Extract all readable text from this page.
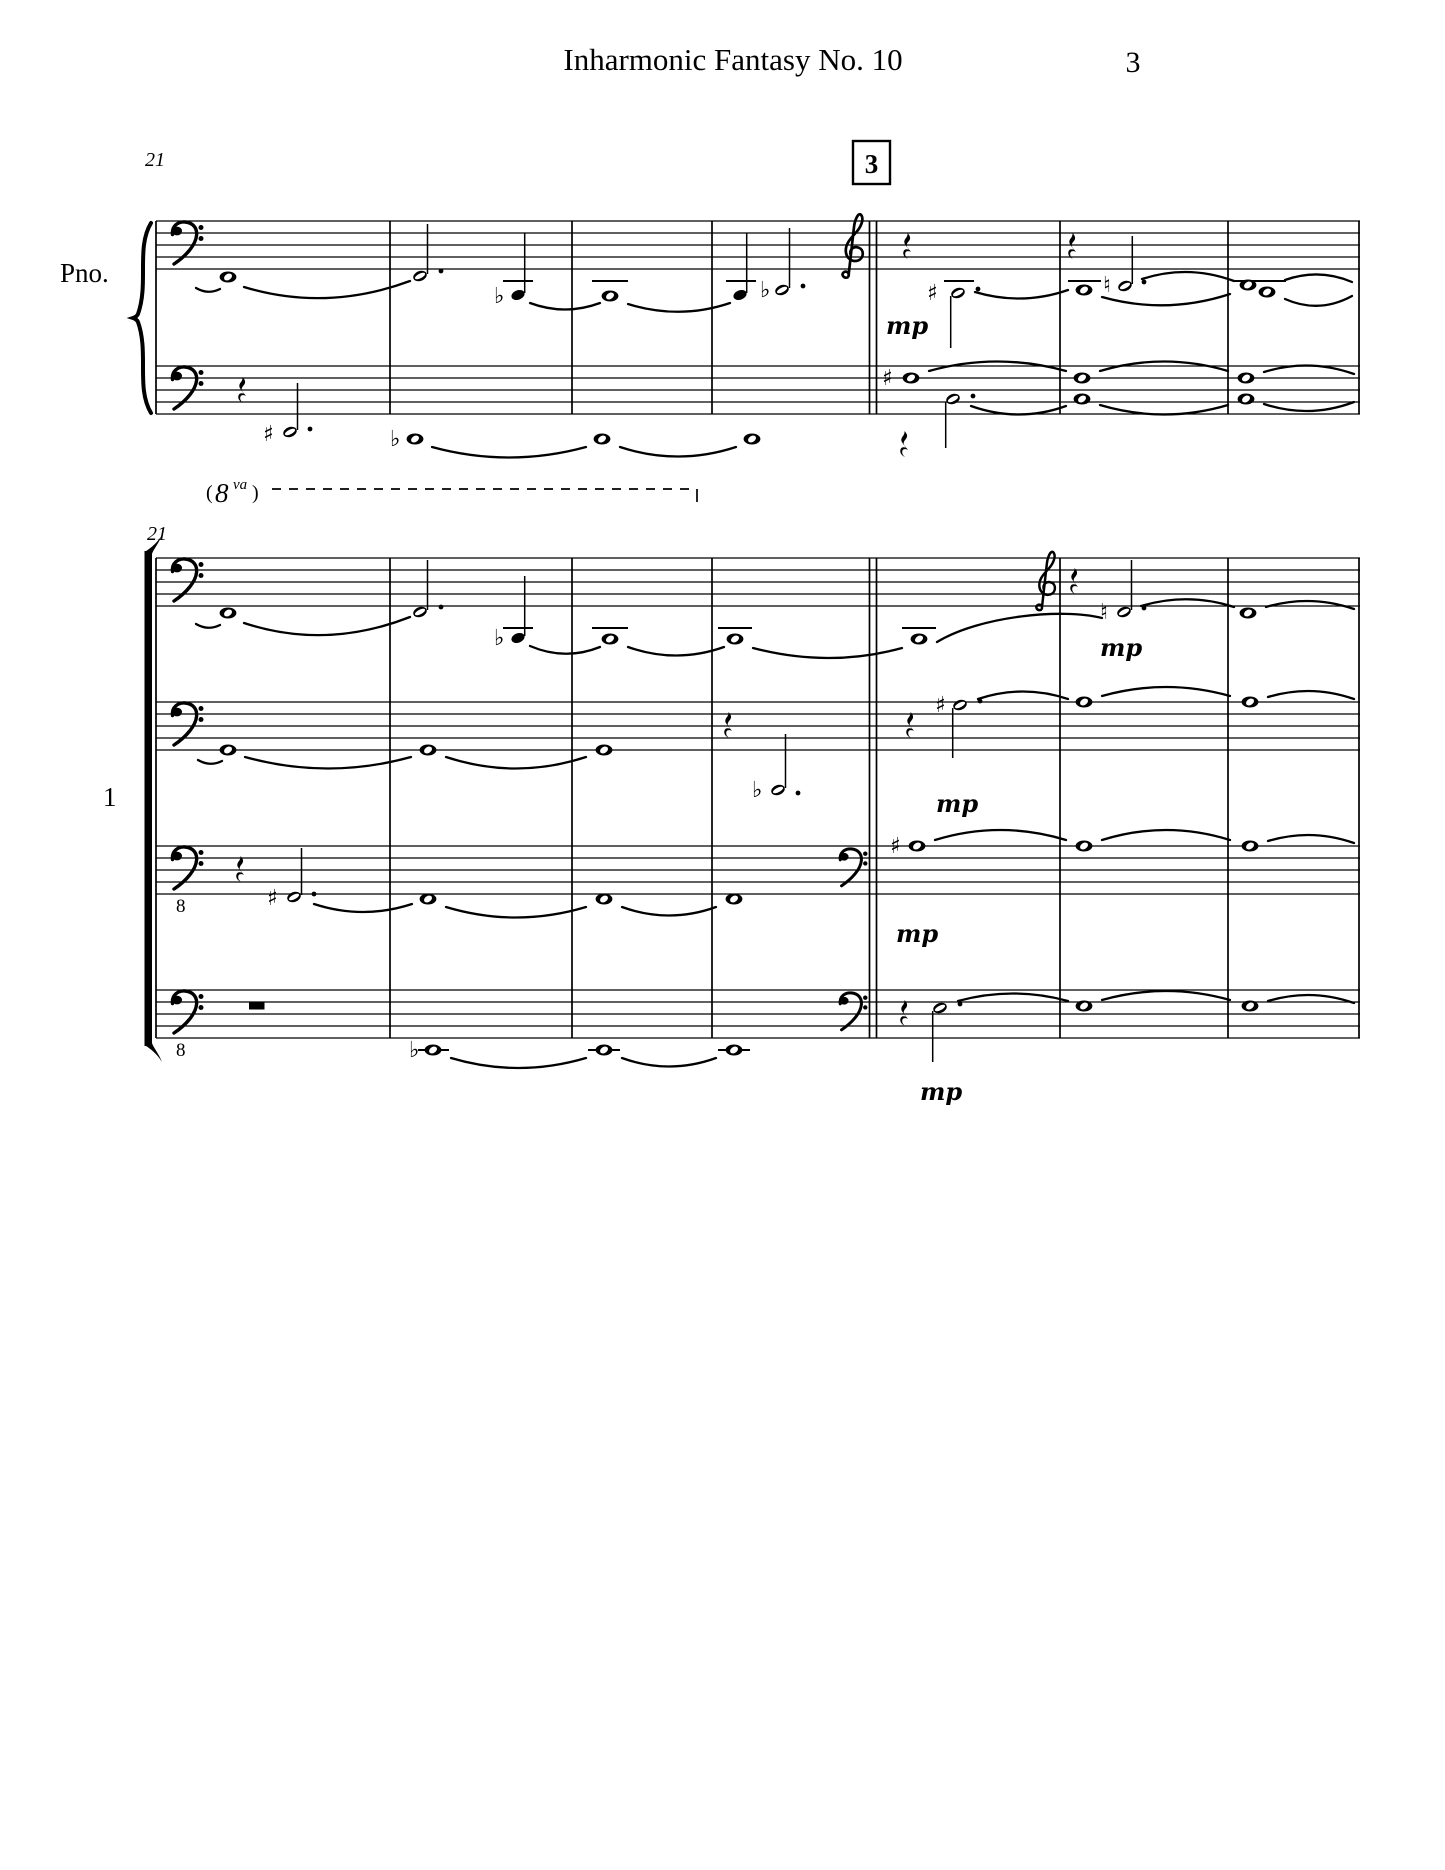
Inharmonic Fantasy No. 10	3
3
21
21
Pno.
1
♭	♭
mp
♯	♮
♯	♭
♯
( 8 va )
8
8
♭
♮
mp
♭
♯
mp
♯
♯
mp
♭
mp
